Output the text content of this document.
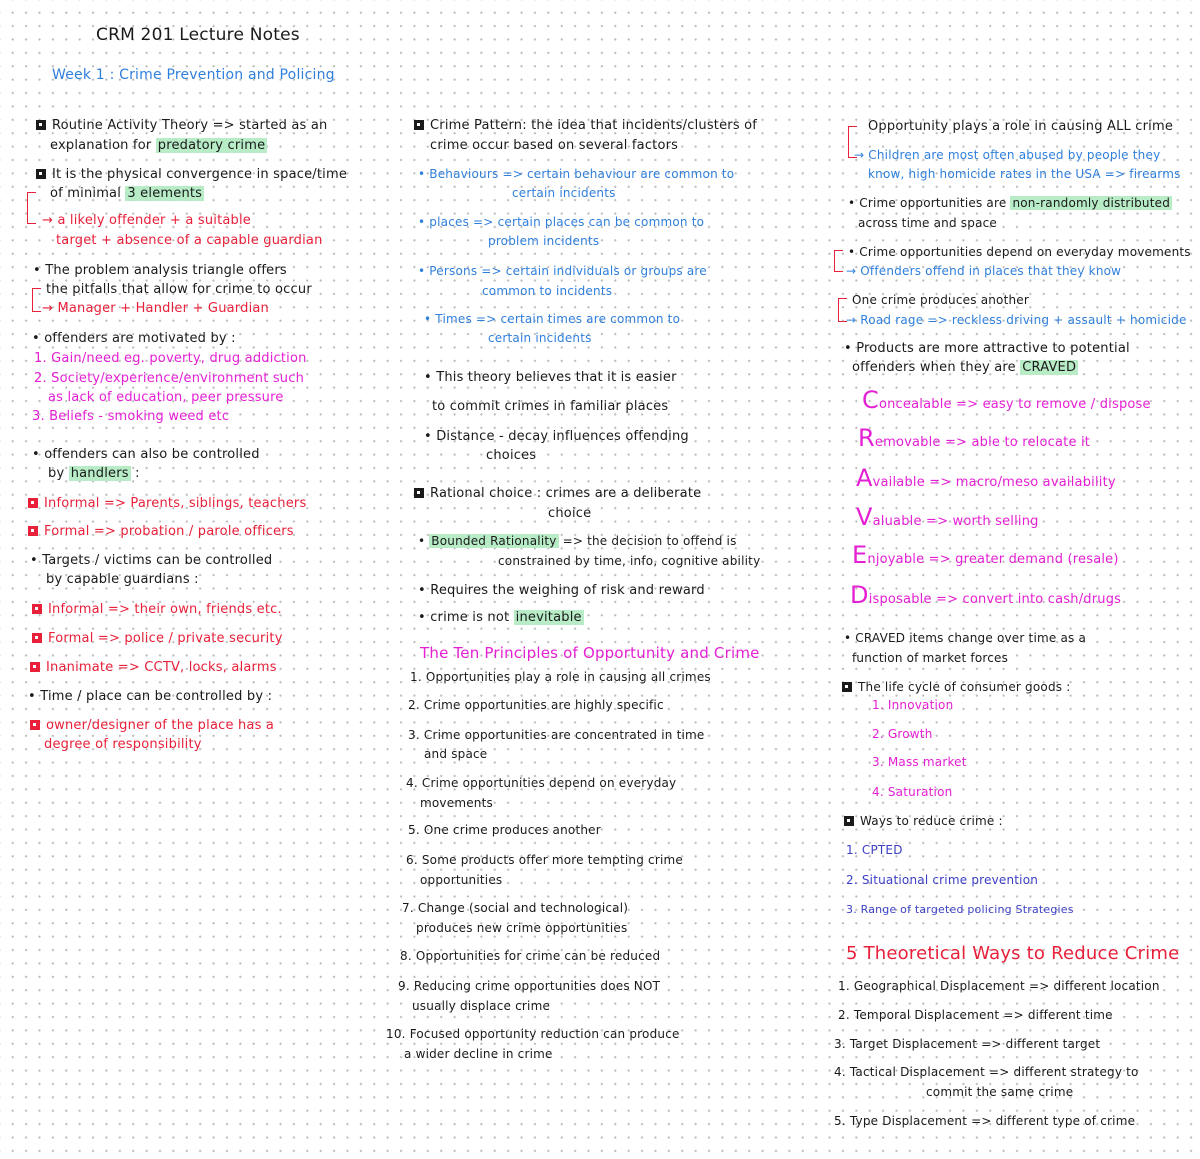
CRM 201 Lecture Notes
Week 1 : Crime Prevention and Policing
Routine Activity Theory => started as an
explanation for predatory crime
It is the physical convergence in space/time
of minimal 3 elements
→ a likely offender + a suitable
target + absence of a capable guardian
• The problem analysis triangle offers
the pitfalls that allow for crime to occur
→ Manager + Handler + Guardian
• offenders are motivated by :
1. Gain/need eg. poverty, drug addiction
2. Society/experience/environment such
as lack of education, peer pressure
3. Beliefs - smoking weed etc
• offenders can also be controlled
by handlers :
Informal => Parents, siblings, teachers
Formal => probation / parole officers
• Targets / victims can be controlled
by capable guardians :
Informal => their own, friends etc.
Formal => police / private security
Inanimate => CCTV, locks, alarms
• Time / place can be controlled by :
owner/designer of the place has a
degree of responsibility
Crime Pattern: the idea that incidents/clusters of
crime occur based on several factors
• Behaviours => certain behaviour are common to
certain incidents
• places => certain places can be common to
problem incidents
• Persons => certain individuals or groups are
common to incidents
• Times => certain times are common to
certain incidents
• This theory believes that it is easier
to commit crimes in familiar places
• Distance - decay influences offending
choices
Rational choice : crimes are a deliberate
choice
• Bounded Rationality => the decision to offend is
constrained by time, info, cognitive ability
• Requires the weighing of risk and reward
• crime is not inevitable
The Ten Principles of Opportunity and Crime
1. Opportunities play a role in causing all crimes
2. Crime opportunities are highly specific
3. Crime opportunities are concentrated in time
and space
4. Crime opportunities depend on everyday
movements
5. One crime produces another
6. Some products offer more tempting crime
opportunities
7. Change (social and technological)
produces new crime opportunities
8. Opportunities for crime can be reduced
9. Reducing crime opportunities does NOT
usually displace crime
10. Focused opportunity reduction can produce
a wider decline in crime
Opportunity plays a role in causing ALL crime
→ Children are most often abused by people they
know, high homicide rates in the USA => firearms
• Crime opportunities are non-randomly distributed
across time and space
• Crime opportunities depend on everyday movements
→ Offenders offend in places that they know
One crime produces another
→ Road rage => reckless driving + assault + homicide
• Products are more attractive to potential
offenders when they are CRAVED
Concealable => easy to remove / dispose
Removable => able to relocate it
Available => macro/meso availability
Valuable => worth selling
Enjoyable => greater demand (resale)
Disposable => convert into cash/drugs
• CRAVED items change over time as a
function of market forces
The life cycle of consumer goods :
1. Innovation
2. Growth
3. Mass market
4. Saturation
Ways to reduce crime :
1. CPTED
2. Situational crime prevention
3. Range of targeted policing Strategies
5 Theoretical Ways to Reduce Crime
1. Geographical Displacement => different location
2. Temporal Displacement => different time
3. Target Displacement => different target
4. Tactical Displacement => different strategy to
commit the same crime
5. Type Displacement => different type of crime
